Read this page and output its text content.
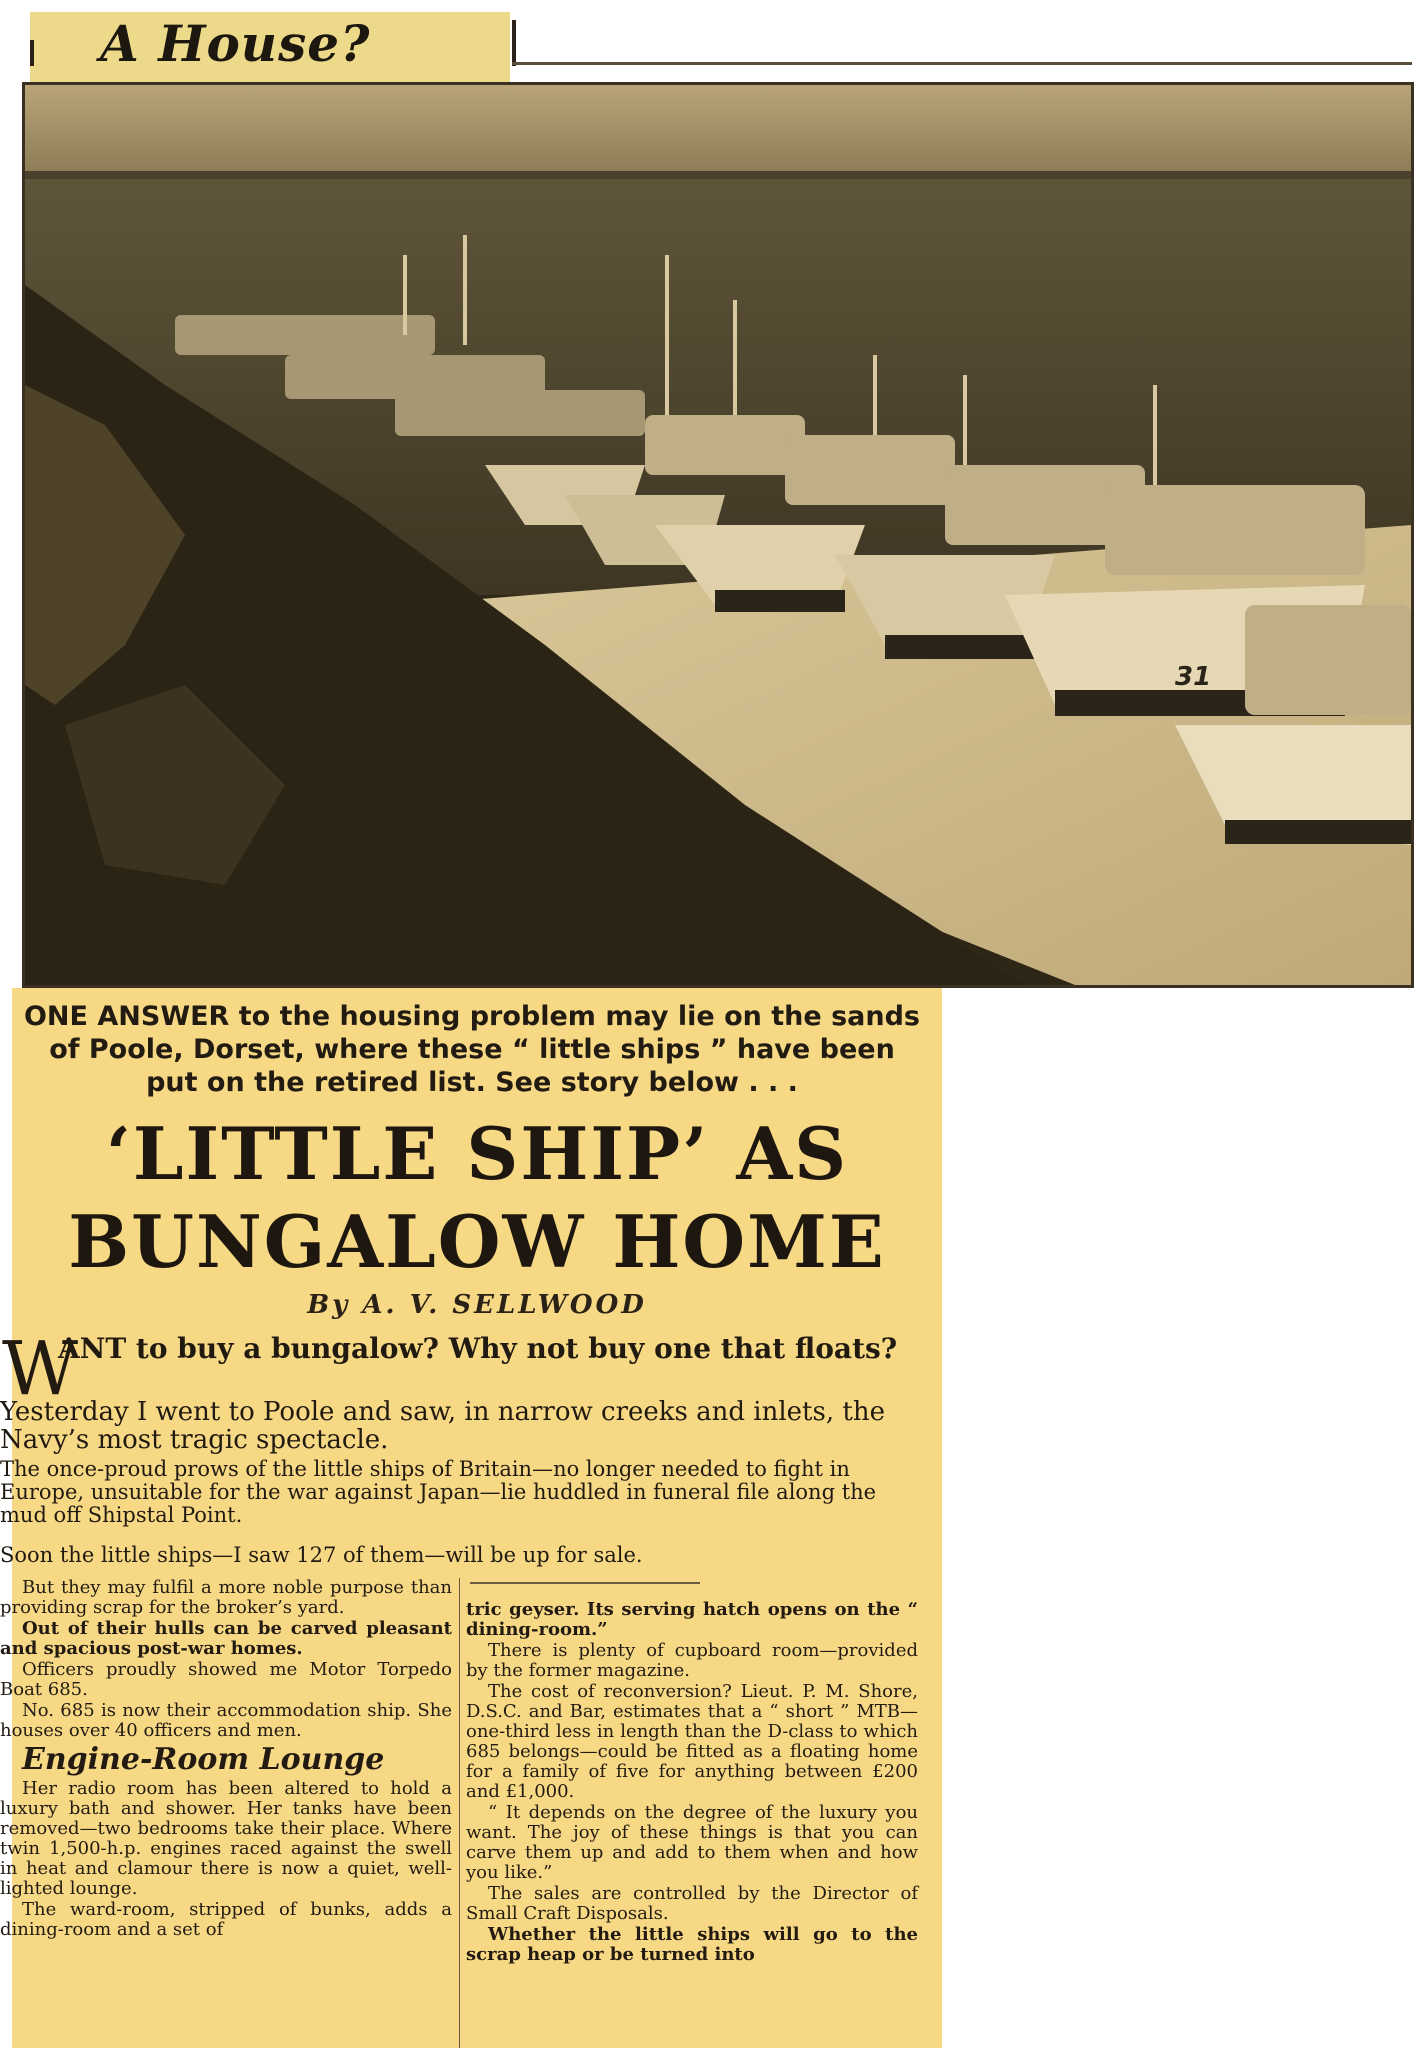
A House?
31
ONE ANSWER to the housing problem may lie on the sands of Poole, Dorset, where these “ little ships ” have been put on the retired list. See story below . . .
‘LITTLE SHIP’ AS
BUNGALOW HOME
By A. V. SELLWOOD
W
ANT to buy a bungalow? Why not buy one that floats?
Yesterday I went to Poole and saw, in narrow creeks and inlets, the Navy’s most tragic spectacle.
The once-proud prows of the little ships of Britain—no longer needed to fight in Europe, unsuitable for the war against Japan—lie huddled in funeral file along the mud off Shipstal Point.
Soon the little ships—I saw 127 of them—will be up for sale.

But they may fulfil a more noble purpose than providing scrap for the broker’s yard.

Out of their hulls can be carved pleasant and spacious post-war homes.

Officers proudly showed me Motor Torpedo Boat 685.

No. 685 is now their accommodation ship. She houses over 40 officers and men.

Engine-Room Lounge

Her radio room has been altered to hold a luxury bath and shower. Her tanks have been removed—two bedrooms take their place. Where twin 1,500-h.p. engines raced against the swell in heat and clamour there is now a quiet, well-lighted lounge.

The ward-room, stripped of bunks, adds a dining-room and a set of

tric geyser. Its serving hatch opens on the “ dining-room.”

There is plenty of cupboard room—provided by the former magazine.

The cost of reconversion? Lieut. P. M. Shore, D.S.C. and Bar, estimates that a “ short ” MTB—one-third less in length than the D-class to which 685 belongs—could be fitted as a floating home for a family of five for anything between £200 and £1,000.

“ It depends on the degree of the luxury you want. The joy of these things is that you can carve them up and add to them when and how you like.”

The sales are controlled by the Director of Small Craft Disposals.

Whether the little ships will go to the scrap heap or be turned into
